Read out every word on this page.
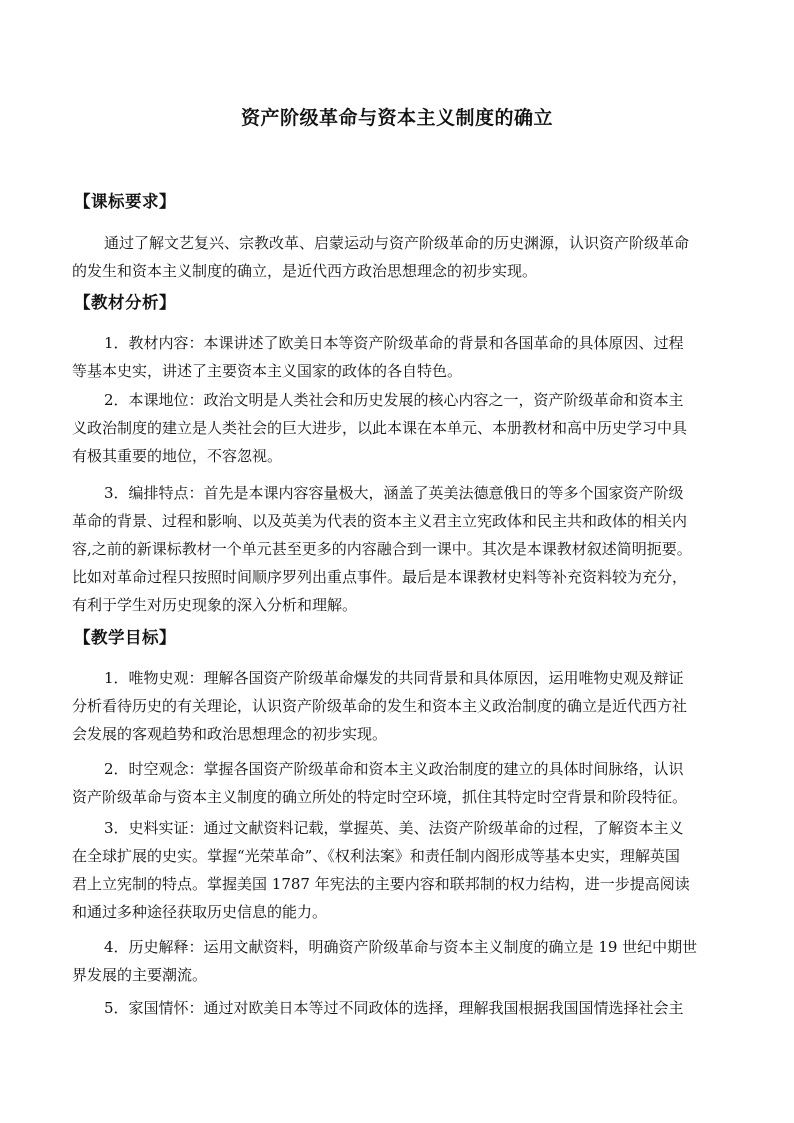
资产阶级革命与资本主义制度的确立
【课标要求】
通过了解文艺复兴、宗教改革、启蒙运动与资产阶级革命的历史渊源，认识资产阶级革命
的发生和资本主义制度的确立，是近代西方政治思想理念的初步实现。
【教材分析】
1．教材内容：本课讲述了欧美日本等资产阶级革命的背景和各国革命的具体原因、过程
等基本史实，讲述了主要资本主义国家的政体的各自特色。
2．本课地位：政治文明是人类社会和历史发展的核心内容之一，资产阶级革命和资本主
义政治制度的建立是人类社会的巨大进步，以此本课在本单元、本册教材和高中历史学习中具
有极其重要的地位，不容忽视。
3．编排特点：首先是本课内容容量极大，涵盖了英美法德意俄日的等多个国家资产阶级
革命的背景、过程和影响、以及英美为代表的资本主义君主立宪政体和民主共和政体的相关内
容,之前的新课标教材一个单元甚至更多的内容融合到一课中。其次是本课教材叙述简明扼要。
比如对革命过程只按照时间顺序罗列出重点事件。最后是本课教材史料等补充资料较为充分，
有利于学生对历史现象的深入分析和理解。
【教学目标】
1．唯物史观：理解各国资产阶级革命爆发的共同背景和具体原因，运用唯物史观及辩证
分析看待历史的有关理论，认识资产阶级革命的发生和资本主义政治制度的确立是近代西方社
会发展的客观趋势和政治思想理念的初步实现。
2．时空观念：掌握各国资产阶级革命和资本主义政治制度的建立的具体时间脉络，认识
资产阶级革命与资本主义制度的确立所处的特定时空环境，抓住其特定时空背景和阶段特征。
3．史料实证：通过文献资料记载，掌握英、美、法资产阶级革命的过程，了解资本主义
在全球扩展的史实。掌握“光荣革命”、《权利法案》和责任制内阁形成等基本史实，理解英国
君上立宪制的特点。掌握美国 1787 年宪法的主要内容和联邦制的权力结构，进一步提高阅读
和通过多种途径获取历史信息的能力。
4．历史解释：运用文献资料，明确资产阶级革命与资本主义制度的确立是 19 世纪中期世
界发展的主要潮流。
5．家国情怀：通过对欧美日本等过不同政体的选择，理解我国根据我国国情选择社会主
